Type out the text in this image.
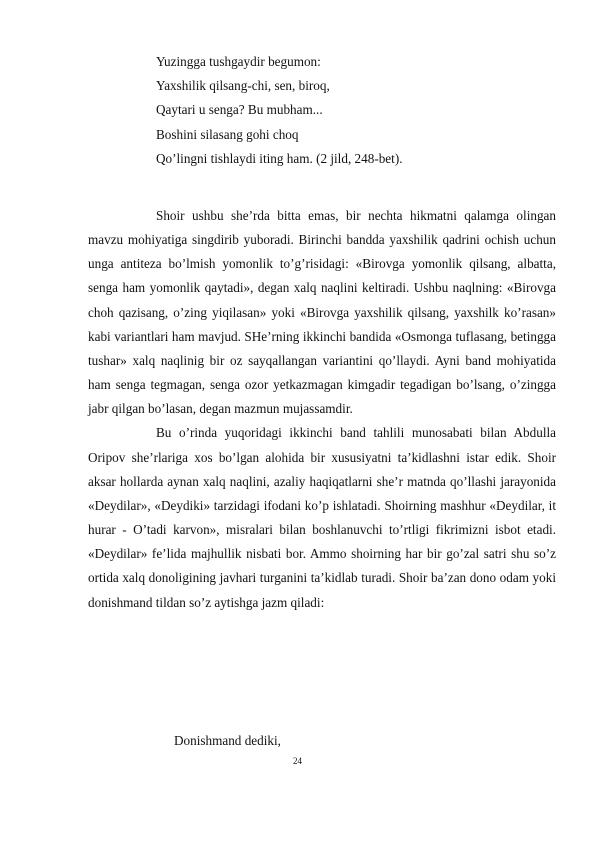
Yuzingga tushgaydir begumon:
Yaxshilik qilsang-chi, sen, biroq,
Qaytari u senga? Bu mubham...
Boshini silasang gohi choq
Qo’lingni tishlaydi iting ham. (2 jild, 248-bet).

Shoir ushbu she’rda bitta emas, bir nechta hikmatni qalamga olingan mavzu mohiyatiga singdirib yuboradi. Birinchi bandda yaxshilik qadrini ochish uchun unga antiteza bo’lmish yomonlik to’g’risidagi: «Birovga yomonlik qilsang, albatta, senga ham yomonlik qaytadi», degan xalq naqlini keltiradi. Ushbu naqlning: «Birovga choh qazisang, o’zing yiqilasan» yoki «Birovga yaxshilik qilsang, yaxshilk ko’rasan» kabi variantlari ham mavjud. SHe’rning ikkinchi bandida «Osmonga tuflasang, betingga tushar» xalq naqlinig bir oz sayqallangan variantini qo’llaydi. Ayni band mohiyatida ham senga tegmagan, senga ozor yetkazmagan kimgadir tegadigan bo’lsang, o’zingga jabr qilgan bo’lasan, degan mazmun mujassamdir.

Bu o’rinda yuqoridagi ikkinchi band tahlili munosabati bilan Abdulla Oripov she’rlariga xos bo’lgan alohida bir xususiyatni ta’kidlashni istar edik. Shoir aksar hollarda aynan xalq naqlini, azaliy haqiqatlarni she’r matnda qo’llashi jarayonida «Deydilar», «Deydiki» tarzidagi ifodani ko’p ishlatadi. Shoirning mashhur «Deydilar, it hurar - O’tadi karvon», misralari bilan boshlanuvchi to’rtligi fikrimizni isbot etadi. «Deydilar» fe’lida majhullik nisbati bor. Ammo shoirning har bir go’zal satri shu so’z ortida xalq donoligining javhari turganini ta’kidlab turadi. Shoir ba’zan dono odam yoki donishmand tildan so’z aytishga jazm qiladi:

Donishmand dediki,
24
